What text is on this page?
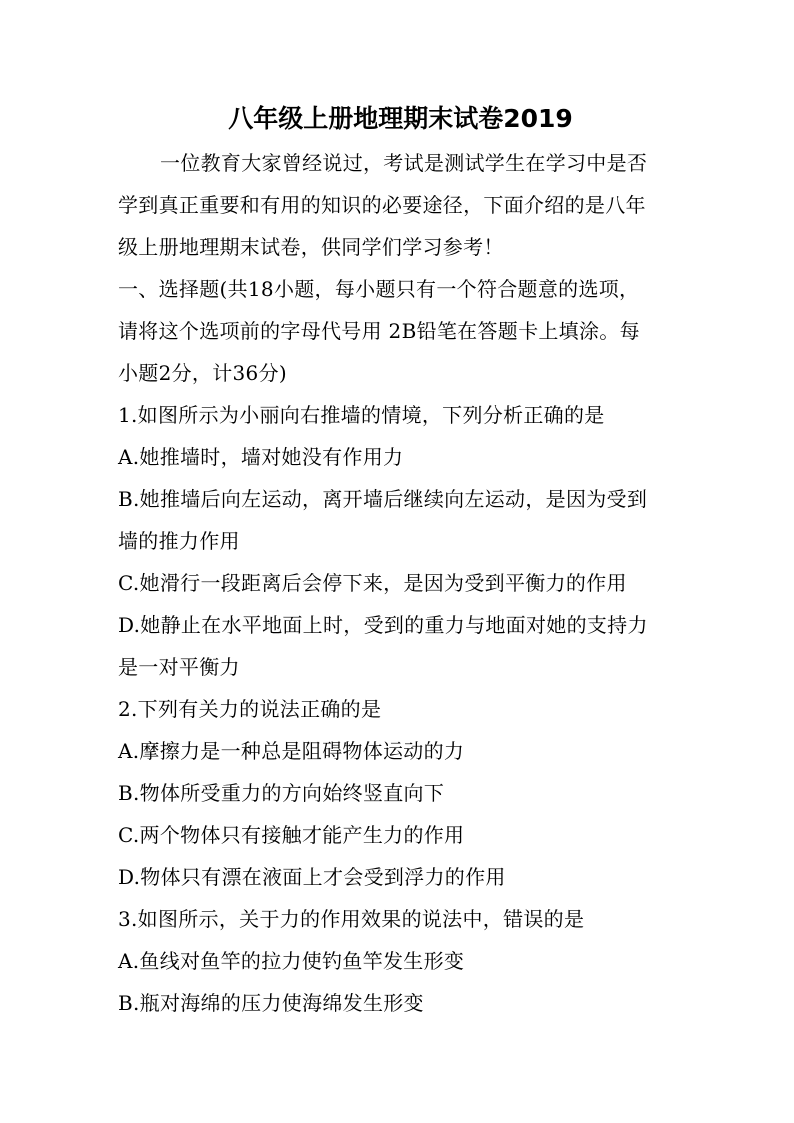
八年级上册地理期末试卷2019

一位教育大家曾经说过，考试是测试学生在学习中是否

学到真正重要和有用的知识的必要途径，下面介绍的是八年

级上册地理期末试卷，供同学们学习参考！

一、选择题(共18小题，每小题只有一个符合题意的选项，

请将这个选项前的字母代号用 2B铅笔在答题卡上填涂。每

小题2分，计36分)

1.如图所示为小丽向右推墙的情境，下列分析正确的是

A.她推墙时，墙对她没有作用力

B.她推墙后向左运动，离开墙后继续向左运动，是因为受到

墙的推力作用

C.她滑行一段距离后会停下来，是因为受到平衡力的作用

D.她静止在水平地面上时，受到的重力与地面对她的支持力

是一对平衡力

2.下列有关力的说法正确的是

A.摩擦力是一种总是阻碍物体运动的力

B.物体所受重力的方向始终竖直向下

C.两个物体只有接触才能产生力的作用

D.物体只有漂在液面上才会受到浮力的作用

3.如图所示，关于力的作用效果的说法中，错误的是

A.鱼线对鱼竿的拉力使钓鱼竿发生形变

B.瓶对海绵的压力使海绵发生形变
